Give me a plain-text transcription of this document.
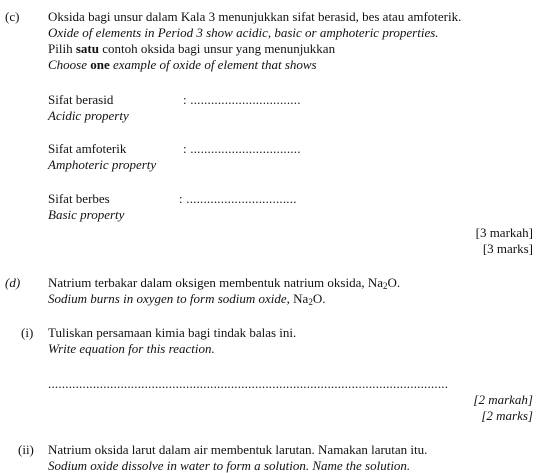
(c) Oksida bagi unsur dalam Kala 3 menunjukkan sifat berasid, bes atau amfoterik.
Oxide of elements in Period 3 show acidic, basic or amphoteric properties.
Pilih satu contoh oksida bagi unsur yang menunjukkan
Choose one example of oxide of element that shows
Sifat berasid
Acidic property
: ................................
Sifat amfoterik
Amphoteric property
: ................................
Sifat berbes
Basic property
: ................................
[3 markah]
[3 marks]
(d) Natrium terbakar dalam oksigen membentuk natrium oksida, $Na_2O$.
Sodium burns in oxygen to form sodium oxide, $Na_2O$.
(i) Tuliskan persamaan kimia bagi tindak balas ini.
Write equation for this reaction.
....................................................................................................................
[2 markah]
[2 marks]
(ii) Natrium oksida larut dalam air membentuk larutan. Namakan larutan itu.
Sodium oxide dissolve in water to form a solution. Name the solution.
